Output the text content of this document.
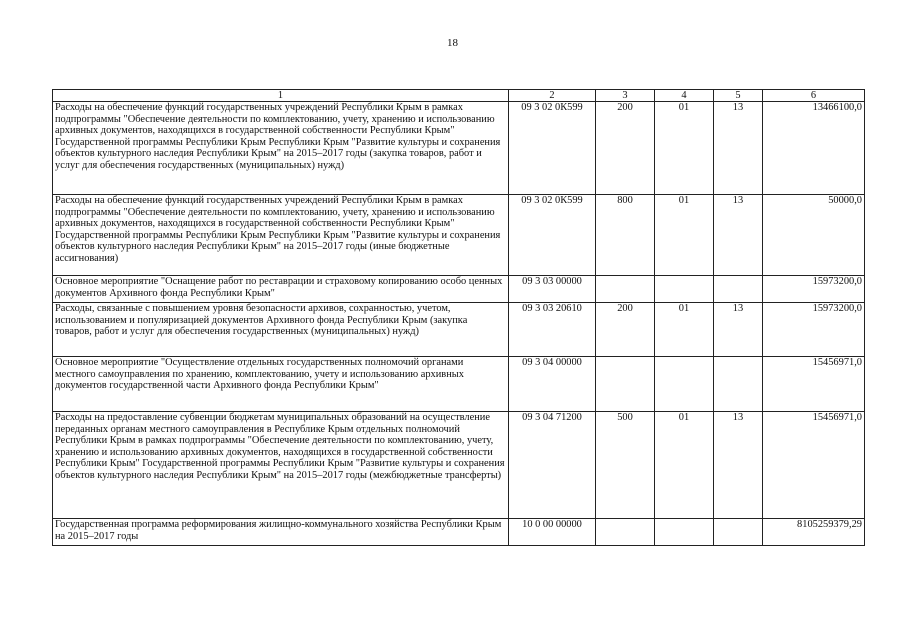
18
1	2	3	4	5	6
Расходы на обеспечение функций государственных учреждений Республики Крым в рамках подпрограммы "Обеспечение деятельности по комплектованию, учету, хранению и использованию архивных документов, находящихся в государственной собственности Республики Крым" Государственной программы Республики Крым Республики Крым "Развитие культуры и сохранения объектов культурного наследия Республики Крым" на 2015–2017 годы (закупка товаров, работ и услуг для обеспечения государственных (муниципальных) нужд)	09 3 02 0К599	200	01	13	13466100,0
Расходы на обеспечение функций государственных учреждений Республики Крым в рамках подпрограммы "Обеспечение деятельности по комплектованию, учету, хранению и использованию архивных документов, находящихся в государственной собственности Республики Крым" Государственной программы Республики Крым Республики Крым "Развитие культуры и сохранения объектов культурного наследия Республики Крым" на 2015–2017 годы (иные бюджетные ассигнования)	09 3 02 0К599	800	01	13	50000,0
Основное мероприятие "Оснащение работ по реставрации и страховому копированию особо ценных документов Архивного фонда Республики Крым"	09 3 03 00000				15973200,0
Расходы, связанные с повышением уровня безопасности архивов, сохранностью, учетом, использованием и популяризацией документов Архивного фонда Республики Крым (закупка товаров, работ и услуг для обеспечения государственных (муниципальных) нужд)	09 3 03 20610	200	01	13	15973200,0
Основное мероприятие "Осуществление отдельных государственных полномочий органами местного самоуправления по хранению, комплектованию, учету и использованию архивных документов государственной части Архивного фонда Республики Крым"	09 3 04 00000				15456971,0
Расходы на предоставление субвенции бюджетам муниципальных образований на осуществление переданных органам местного самоуправления в Республике Крым отдельных полномочий Республики Крым в рамках подпрограммы "Обеспечение деятельности по комплектованию, учету, хранению и использованию архивных документов, находящихся в государственной собственности Республики Крым" Государственной программы Республики Крым "Развитие культуры и сохранения объектов культурного наследия Республики Крым" на 2015–2017 годы (межбюджетные трансферты)	09 3 04 71200	500	01	13	15456971,0
Государственная программа реформирования жилищно-коммунального хозяйства Республики Крым на 2015–2017 годы	10 0 00 00000				8105259379,29
